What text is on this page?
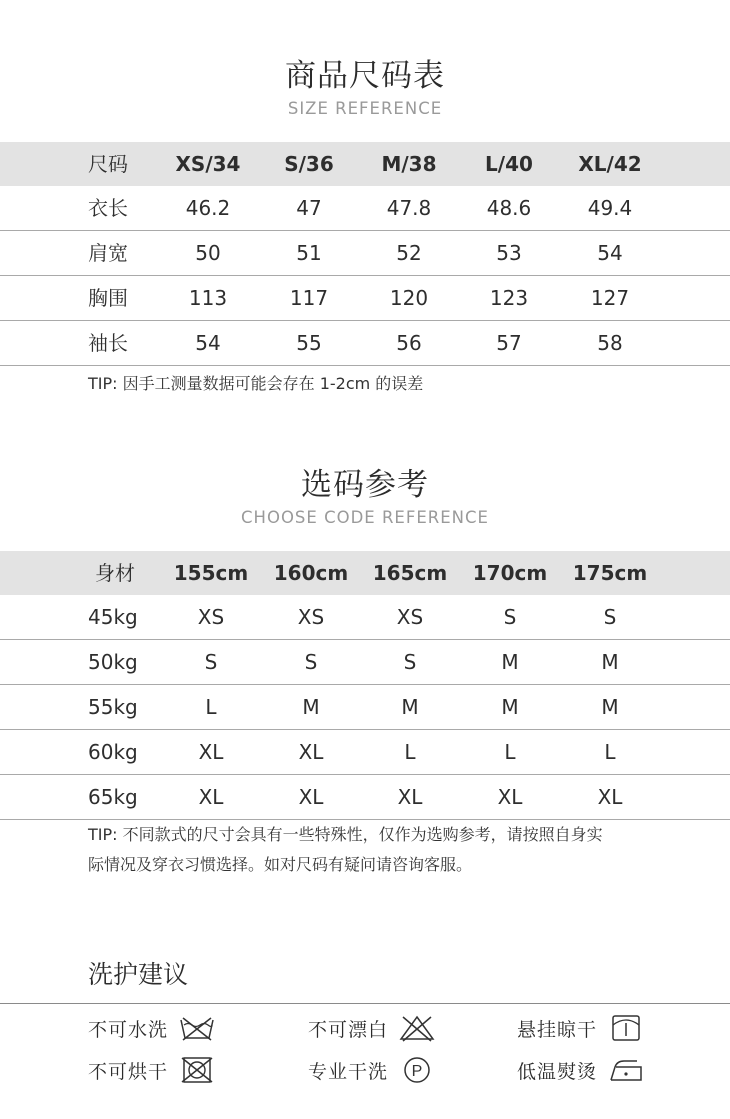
商品尺码表
SIZE REFERENCE
尺码	XS/34	S/36	M/38	L/40	XL/42
衣长	46.2	47	47.8	48.6	49.4
肩宽	50	51	52	53	54
胸围	113	117	120	123	127
袖长	54	55	56	57	58
TIP: 因手工测量数据可能会存在 1-2cm 的误差
选码参考
CHOOSE CODE REFERENCE
身材	155cm	160cm	165cm	170cm	175cm
45kg	XS	XS	XS	S	S
50kg	S	S	S	M	M
55kg	L	M	M	M	M
60kg	XL	XL	L	L	L
65kg	XL	XL	XL	XL	XL
TIP: 不同款式的尺寸会具有一些特殊性，仅作为选购参考，请按照自身实
际情况及穿衣习惯选择。如对尺码有疑问请咨询客服。
洗护建议
不可水洗	不可漂白	悬挂晾干
不可烘干	专业干洗 P	低温熨烫
